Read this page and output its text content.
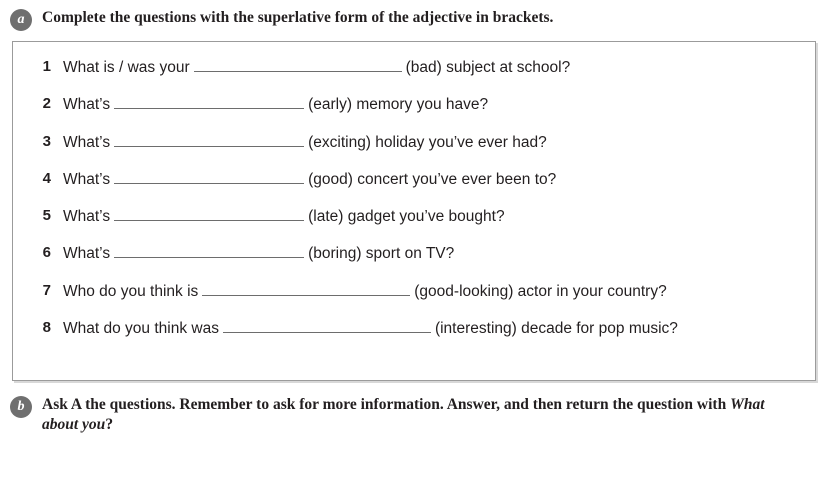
a	Complete the questions with the superlative form of the adjective in brackets.
1 What is / was your	(bad) subject at school?
2 What’s	(early) memory you have?
3 What’s	(exciting) holiday you’ve ever had?
4 What’s	(good) concert you’ve ever been to?
5 What’s	(late) gadget you’ve bought?
6 What’s	(boring) sport on TV?
7 Who do you think is	(good-looking) actor in your country?
8 What do you think was	(interesting) decade for pop music?
b	Ask A the questions. Remember to ask for more information. Answer, and then return the question with What about you?
